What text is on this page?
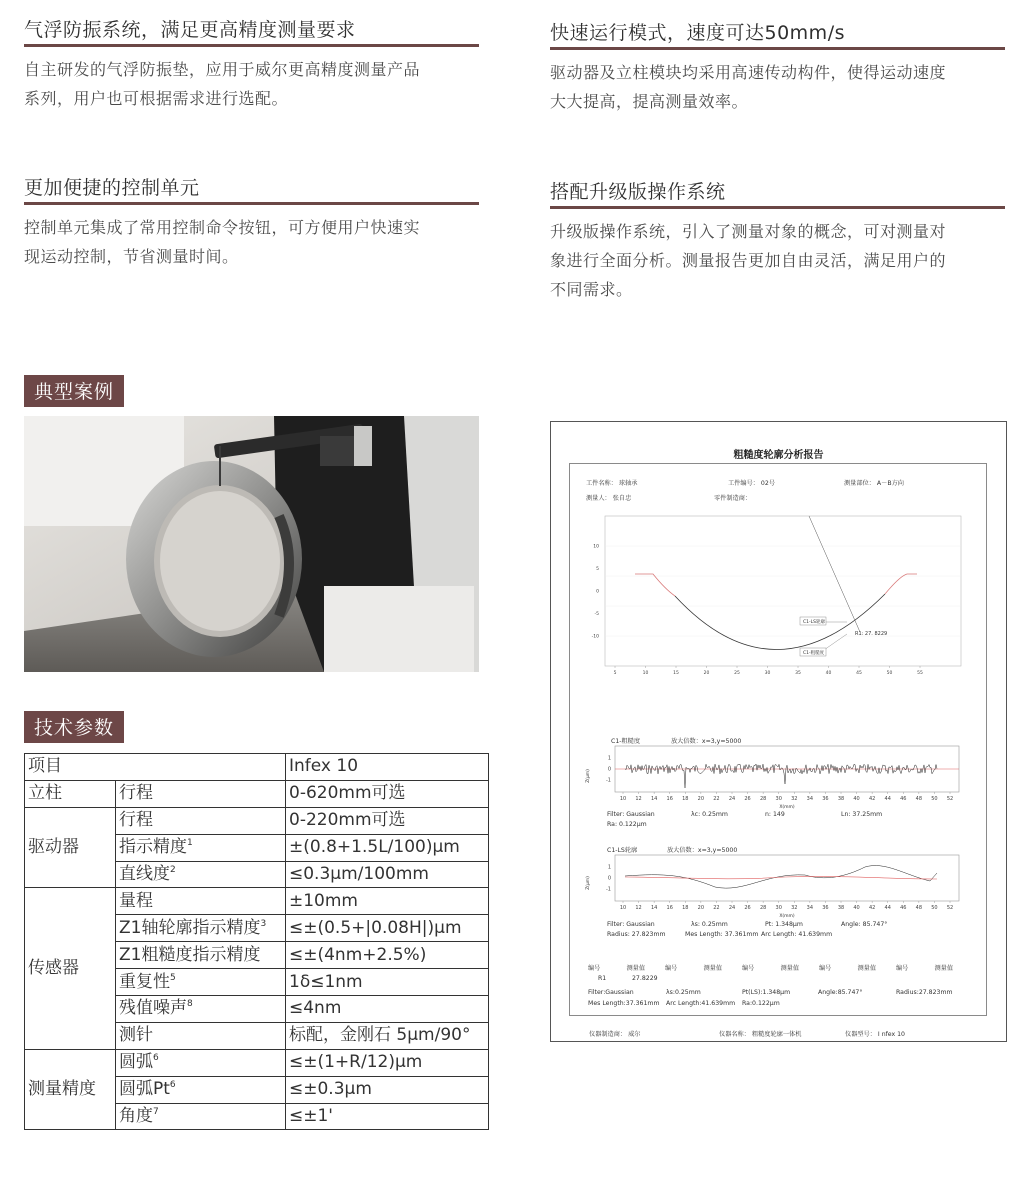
气浮防振系统，满足更高精度测量要求

自主研发的气浮防振垫，应用于威尔更高精度测量产品
系列，用户也可根据需求进行选配。

快速运行模式，速度可达50mm/s

驱动器及立柱模块均采用高速传动构件，使得运动速度
大大提高，提高测量效率。

更加便捷的控制单元

控制单元集成了常用控制命令按钮，可方便用户快速实
现运动控制，节省测量时间。

搭配升级版操作系统

升级版操作系统，引入了测量对象的概念，可对测量对
象进行全面分析。测量报告更加自由灵活，满足用户的
不同需求。

典型案例
技术参数
项目		Infex 10
立柱	行程	0-620mm可选
驱动器	行程	0-220mm可选
	指示精度$^1$	±(0.8+1.5L/100)μm
	直线度$^2$	≤0.3μm/100mm
传感器	量程	±10mm
	Z1轴轮廓指示精度$^3$	≤±(0.5+|0.08H|)μm
	Z1粗糙度指示精度	≤±(4nm+2.5%)
	重复性$^5$	1δ≤1nm
	残值噪声$^8$	≤4nm
	测针	标配，金刚石 5μm/90°
测量精度	圆弧$^6$	≤±(1+R/12)μm
	圆弧$Pt^6$	≤±0.3μm
	角度$^7$	≤±1'
粗糙度轮廓分析报告
工件名称： 球轴承	工件编号： 02号	测量部位： A－B方向
测量人： 张自忠	零件制造商：
C1-LS轮廓
R1: 27. 8229
C1-粗糙度
10
5
0
-5
-10
5	10	15	20	25	30	35	40	45	50	55
C1-粗糙度	放大倍数：x=3,y=5000
Z(μm)
1
0
-1
10 12 14 16 18 20 22 24 26 28 30 32 34 36 38 40 42 44 46 48 50 52
X(mm)
Filter: Gaussian	λc: 0.25mm	n: 149	Ln: 37.25mm
Ra: 0.122μm
C1-LS轮廓	放大倍数：x=3,y=5000
Z(μm)
1
0
-1
10 12 14 16 18 20 22 24 26 28 30 32 34 36 38 40 42 44 46 48 50 52
X(mm)
Filter: Gaussian	λs: 0.25mm	Pt: 1.348μm	Angle: 85.747°
Radius: 27.823mm	Mes Length: 37.361mm Arc Length: 41.639mm
编号	测量值	编号	测量值	编号	测量值	编号	测量值	编号	测量值
R1	27.8229
Filter:Gaussian	λs:0.25mm	Pt(LS):1.348μm	Angle:85.747°	Radius:27.823mm
Mes Length:37.361mm Arc Length:41.639mm Ra:0.122μm
仪器制造商： 威尔	仪器名称： 粗糙度轮廓一体机	仪器型号： I nfex 10
